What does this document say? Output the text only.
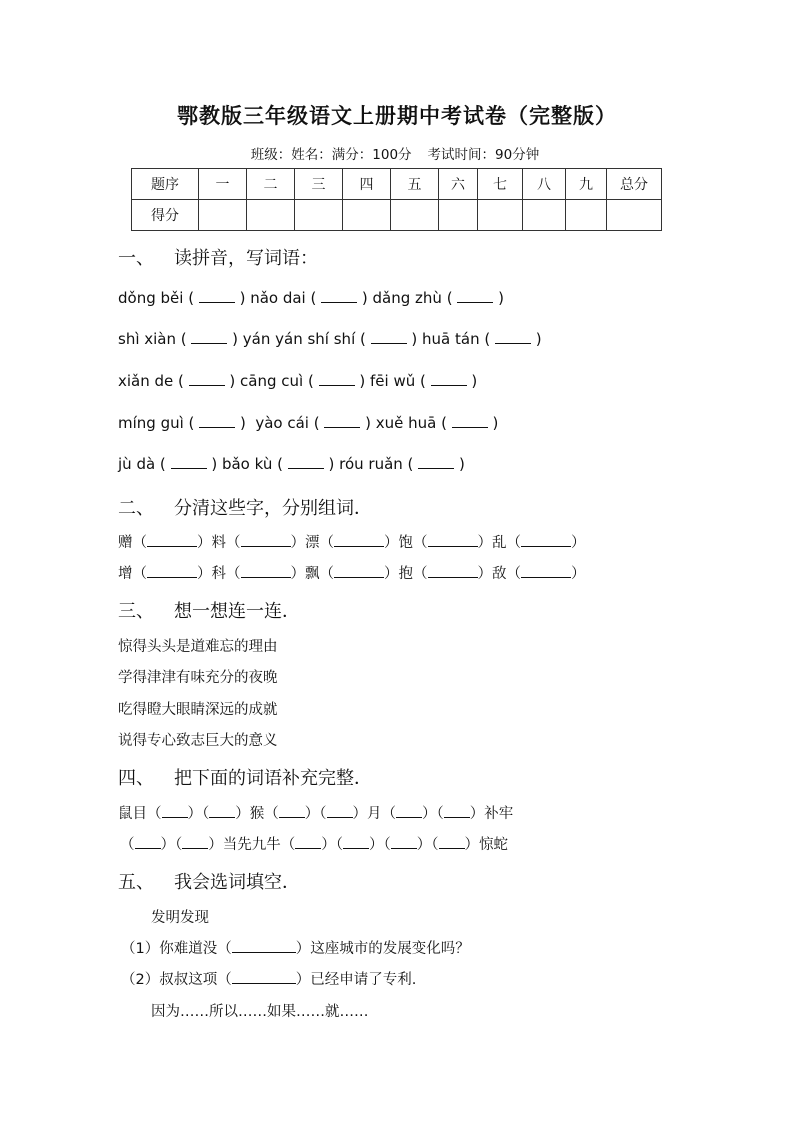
鄂教版三年级语文上册期中考试卷（完整版）
班级：姓名：满分：100分 考试时间：90分钟
题序	一	二	三	四	五	六	七	八	九	总分
得分										
一、 读拼音，写词语：
dǒng běi (  ) nǎo dai (  ) dǎng zhù (  )
shì xiàn (  ) yán yán shí shí (  ) huā tán (  )
xiǎn de (  ) cāng cuì (  ) fēi wǔ (  )
míng guì (  )  yào cái (  ) xuě huā (  )
jù dà (  ) bǎo kù (  ) róu ruǎn (  )
二、 分清这些字，分别组词．
赠（	）料（	）漂（	）饱（	）乱（	）
增（	）科（	）飘（	）抱（	）敌（	）
三、 想一想连一连．
惊得头头是道难忘的理由
学得津津有味充分的夜晚
吃得瞪大眼睛深远的成就
说得专心致志巨大的意义
四、 把下面的词语补充完整．
鼠目（ ）（ ）猴（ ）（ ）月（ ）（ ）补牢
（ ）（ ）当先九牛（ ）（ ）（ ）（ ）惊蛇
五、 我会选词填空．
发明发现
（1）你难道没（	）这座城市的发展变化吗？
（2）叔叔这项（	）已经申请了专利.
因为……所以……如果……就……
